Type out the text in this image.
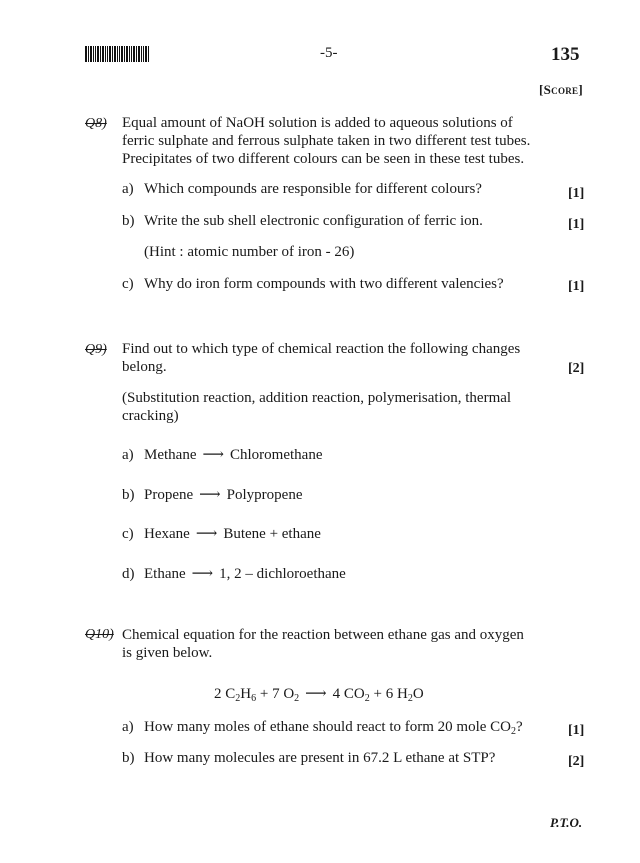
-5-	135
[Score]
Q8) Equal amount of NaOH solution is added to aqueous solutions of
ferric sulphate and ferrous sulphate taken in two different test tubes.
Precipitates of two different colours can be seen in these test tubes.
a) Which compounds are responsible for different colours?	[1]
b) Write the sub shell electronic configuration of ferric ion.	[1]
(Hint : atomic number of iron - 26)
c) Why do iron form compounds with two different valencies?	[1]
Q9) Find out to which type of chemical reaction the following changes
belong.	[2]
(Substitution reaction, addition reaction, polymerisation, thermal
cracking)
a) Methane ⟶ Chloromethane
b) Propene ⟶ Polypropene
c) Hexane ⟶ Butene + ethane
d) Ethane ⟶ 1, 2 – dichloroethane
Q10) Chemical equation for the reaction between ethane gas and oxygen
is given below.
2 $C_2H_6 + 7$ $O_2$ ⟶ 4 $CO_2 + 6$ $H_2O$
a) How many moles of ethane should react to form 20 mole $CO_2$?	[1]
b) How many molecules are present in 67.2 L ethane at STP?	[2]
P.T.O.
